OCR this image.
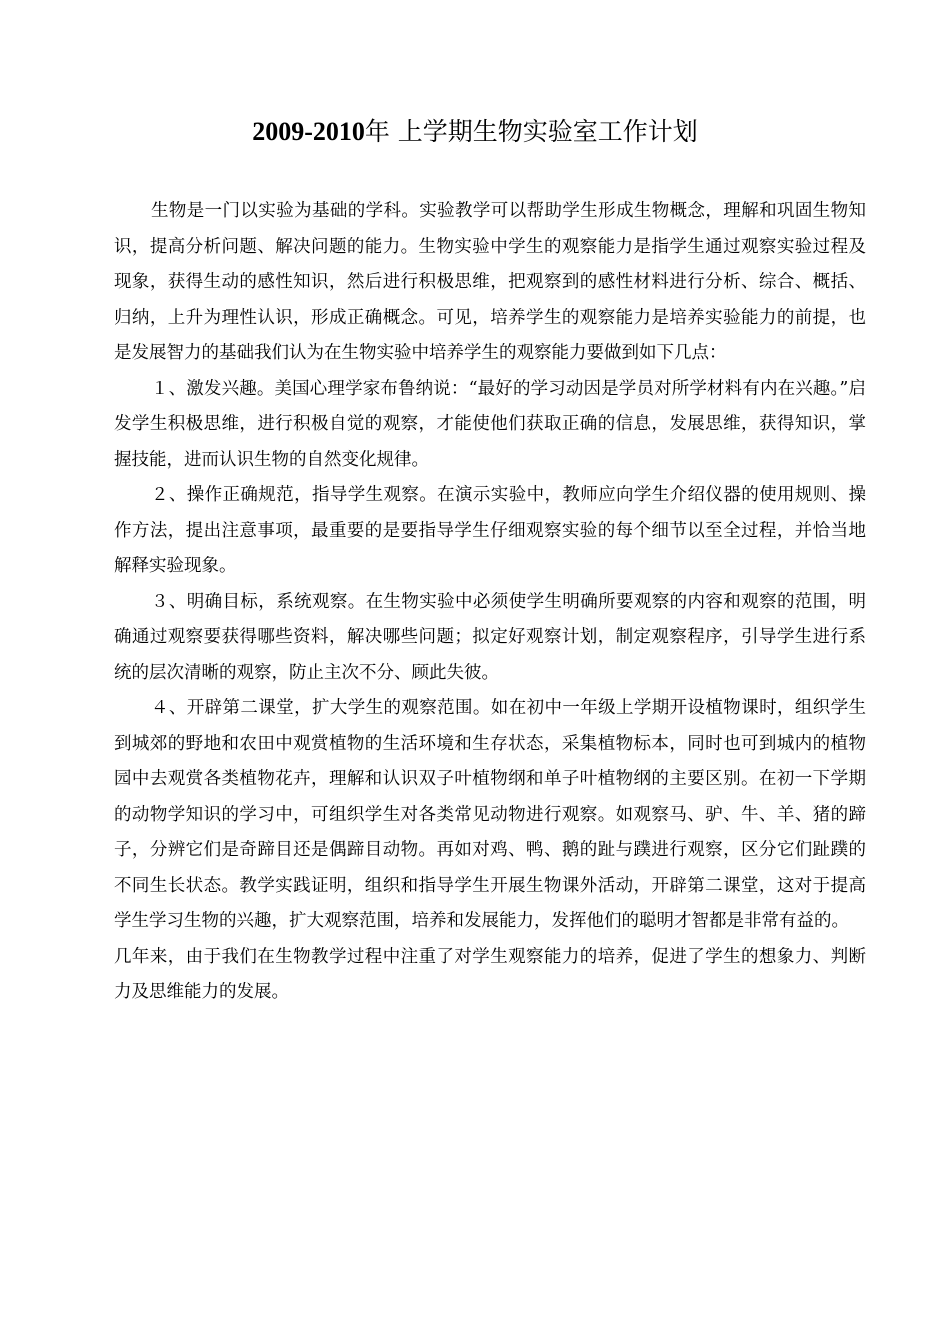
2009-2010年 上学期生物实验室工作计划

生物是一门以实验为基础的学科。实验教学可以帮助学生形成生物概念，理解和巩固生物知识，提高分析问题、解决问题的能力。生物实验中学生的观察能力是指学生通过观察实验过程及现象，获得生动的感性知识，然后进行积极思维，把观察到的感性材料进行分析、综合、概括、归纳，上升为理性认识，形成正确概念。可见，培养学生的观察能力是培养实验能力的前提，也是发展智力的基础我们认为在生物实验中培养学生的观察能力要做到如下几点：

１、激发兴趣。美国心理学家布鲁纳说：“最好的学习动因是学员对所学材料有内在兴趣。”启发学生积极思维，进行积极自觉的观察，才能使他们获取正确的信息，发展思维，获得知识，掌握技能，进而认识生物的自然变化规律。

２、操作正确规范，指导学生观察。在演示实验中，教师应向学生介绍仪器的使用规则、操作方法，提出注意事项，最重要的是要指导学生仔细观察实验的每个细节以至全过程，并恰当地解释实验现象。

３、明确目标，系统观察。在生物实验中必须使学生明确所要观察的内容和观察的范围，明确通过观察要获得哪些资料，解决哪些问题；拟定好观察计划，制定观察程序，引导学生进行系统的层次清晰的观察，防止主次不分、顾此失彼。

４、开辟第二课堂，扩大学生的观察范围。如在初中一年级上学期开设植物课时，组织学生到城郊的野地和农田中观赏植物的生活环境和生存状态，采集植物标本，同时也可到城内的植物园中去观赏各类植物花卉，理解和认识双子叶植物纲和单子叶植物纲的主要区别。在初一下学期的动物学知识的学习中，可组织学生对各类常见动物进行观察。如观察马、驴、牛、羊、猪的蹄子，分辨它们是奇蹄目还是偶蹄目动物。再如对鸡、鸭、鹅的趾与蹼进行观察，区分它们趾蹼的不同生长状态。教学实践证明，组织和指导学生开展生物课外活动，开辟第二课堂，这对于提高学生学习生物的兴趣，扩大观察范围，培养和发展能力，发挥他们的聪明才智都是非常有益的。

几年来，由于我们在生物教学过程中注重了对学生观察能力的培养，促进了学生的想象力、判断力及思维能力的发展。
